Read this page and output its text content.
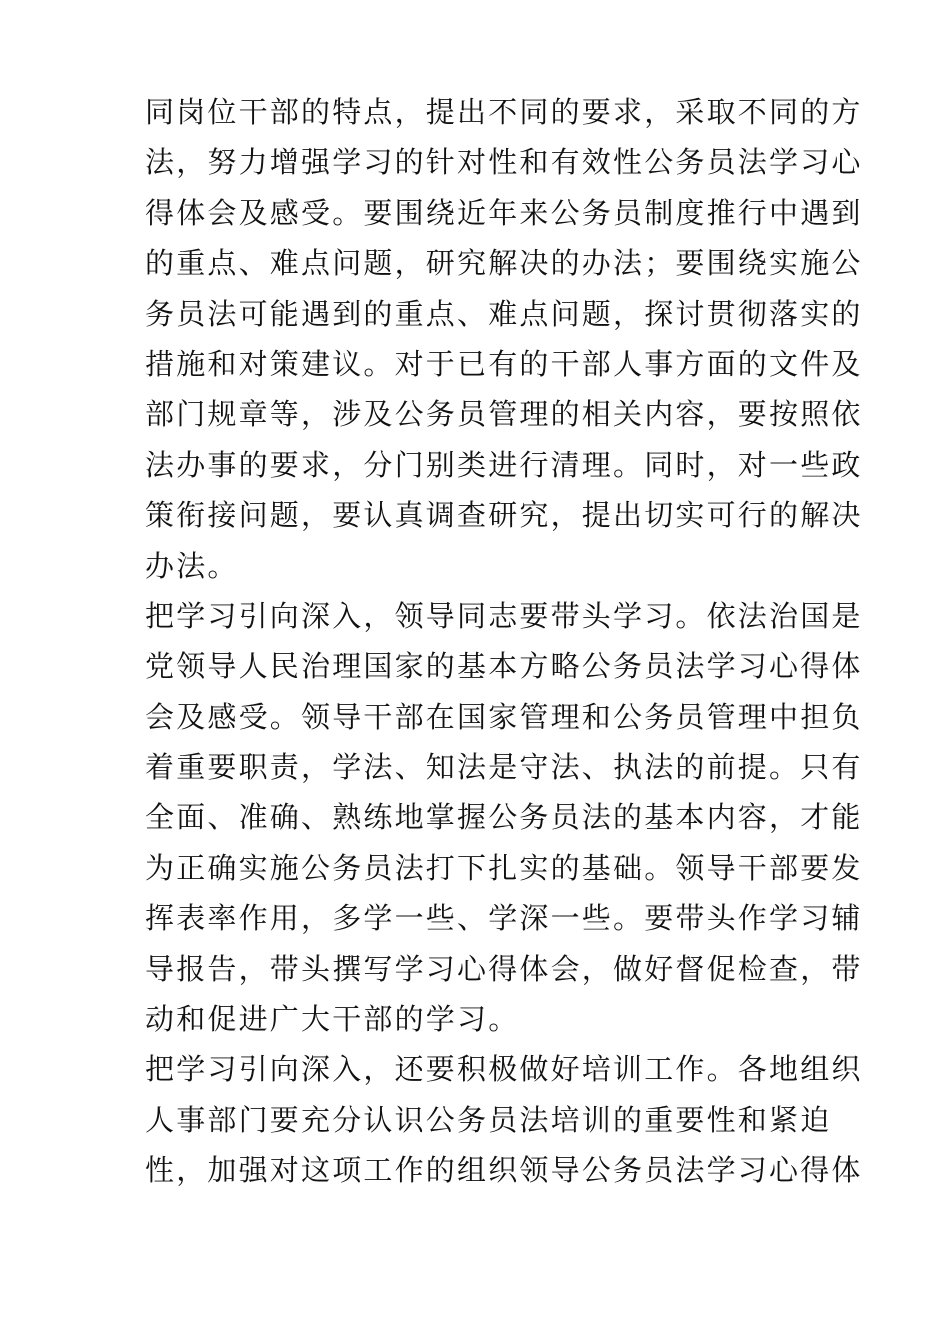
同岗位干部的特点，提出不同的要求，采取不同的方
法，努力增强学习的针对性和有效性公务员法学习心
得体会及感受。要围绕近年来公务员制度推行中遇到
的重点、难点问题，研究解决的办法；要围绕实施公
务员法可能遇到的重点、难点问题，探讨贯彻落实的
措施和对策建议。对于已有的干部人事方面的文件及
部门规章等，涉及公务员管理的相关内容，要按照依
法办事的要求，分门别类进行清理。同时，对一些政
策衔接问题，要认真调查研究，提出切实可行的解决
办法。
把学习引向深入，领导同志要带头学习。依法治国是
党领导人民治理国家的基本方略公务员法学习心得体
会及感受。领导干部在国家管理和公务员管理中担负
着重要职责，学法、知法是守法、执法的前提。只有
全面、准确、熟练地掌握公务员法的基本内容，才能
为正确实施公务员法打下扎实的基础。领导干部要发
挥表率作用，多学一些、学深一些。要带头作学习辅
导报告，带头撰写学习心得体会，做好督促检查，带
动和促进广大干部的学习。
把学习引向深入，还要积极做好培训工作。各地组织
人事部门要充分认识公务员法培训的重要性和紧迫
性，加强对这项工作的组织领导公务员法学习心得体
